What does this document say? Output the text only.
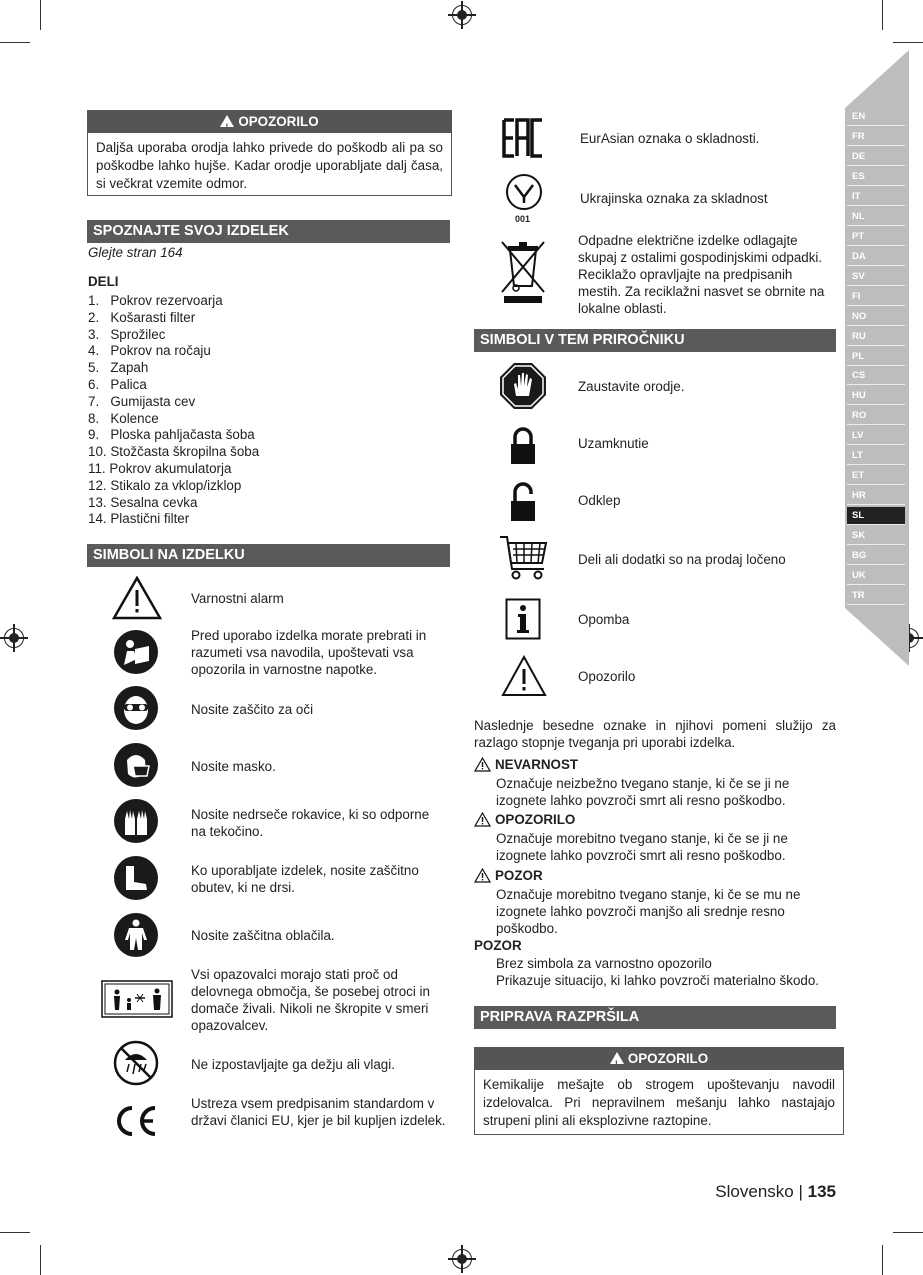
EN
FR
DE
ES
IT
NL
PT
DA
SV
FI
NO
RU
PL
CS
HU
RO
LV
LT
ET
HR
SL
SK
BG
UK
TR
!OPOZORILO
Daljša uporaba orodja lahko privede do poškodb ali pa so poškodbe lahko hujše. Kadar orodje uporabljate dalj časa, si večkrat vzemite odmor.
SPOZNAJTE SVOJ IZDELEK
Glejte stran 164
DELI
1.   Pokrov rezervoarja
2.   Košarasti filter
3.   Sprožilec
4.   Pokrov na ročaju
5.   Zapah
6.   Palica
7.   Gumijasta cev
8.   Kolence
9.   Ploska pahljačasta šoba
10. Stožčasta škropilna šoba
11. Pokrov akumulatorja
12. Stikalo za vklop/izklop
13. Sesalna cevka
14. Plastični filter
SIMBOLI NA IZDELKU
Varnostni alarm
Pred uporabo izdelka morate prebrati in razumeti vsa navodila, upoštevati vsa opozorila in varnostne napotke.
Nosite zaščito za oči
Nosite masko.
Nosite nedrseče rokavice, ki so odporne na tekočino.
Ko uporabljate izdelek, nosite zaščitno obutev, ki ne drsi.
Nosite zaščitna oblačila.
Vsi opazovalci morajo stati proč od delovnega območja, še posebej otroci in domače živali. Nikoli ne škropite v smeri opazovalcev.
Ne izpostavljajte ga dežju ali vlagi.
Ustreza vsem predpisanim standardom v državi članici EU, kjer je bil kupljen izdelek.
EurAsian oznaka o skladnosti.
001
Ukrajinska oznaka za skladnost
Odpadne električne izdelke odlagajte skupaj z ostalimi gospodinjskimi odpadki. Reciklažo opravljajte na predpisanih mestih. Za reciklažni nasvet se obrnite na lokalne oblasti.
SIMBOLI V TEM PRIROČNIKU
Zaustavite orodje.
Uzamknutie
Odklep
Deli ali dodatki so na prodaj ločeno
Opomba
Opozorilo
Naslednje besedne oznake in njihovi pomeni služijo za razlago stopnje tveganja pri uporabi izdelka.
NEVARNOST
Označuje neizbežno tvegano stanje, ki če se ji ne izognete lahko povzroči smrt ali resno poškodbo.
OPOZORILO
Označuje morebitno tvegano stanje, ki če se ji ne izognete lahko povzroči smrt ali resno poškodbo.
POZOR
Označuje morebitno tvegano stanje, ki če se mu ne izognete lahko povzroči manjšo ali srednje resno poškodbo.
POZOR
Brez simbola za varnostno opozorilo
Prikazuje situacijo, ki lahko povzroči materialno škodo.
PRIPRAVA RAZPRŠILA
!OPOZORILO
Kemikalije mešajte ob strogem upoštevanju navodil izdelovalca. Pri nepravilnem mešanju lahko nastajajo strupeni plini ali eksplozivne raztopine.
Slovensko | 135
